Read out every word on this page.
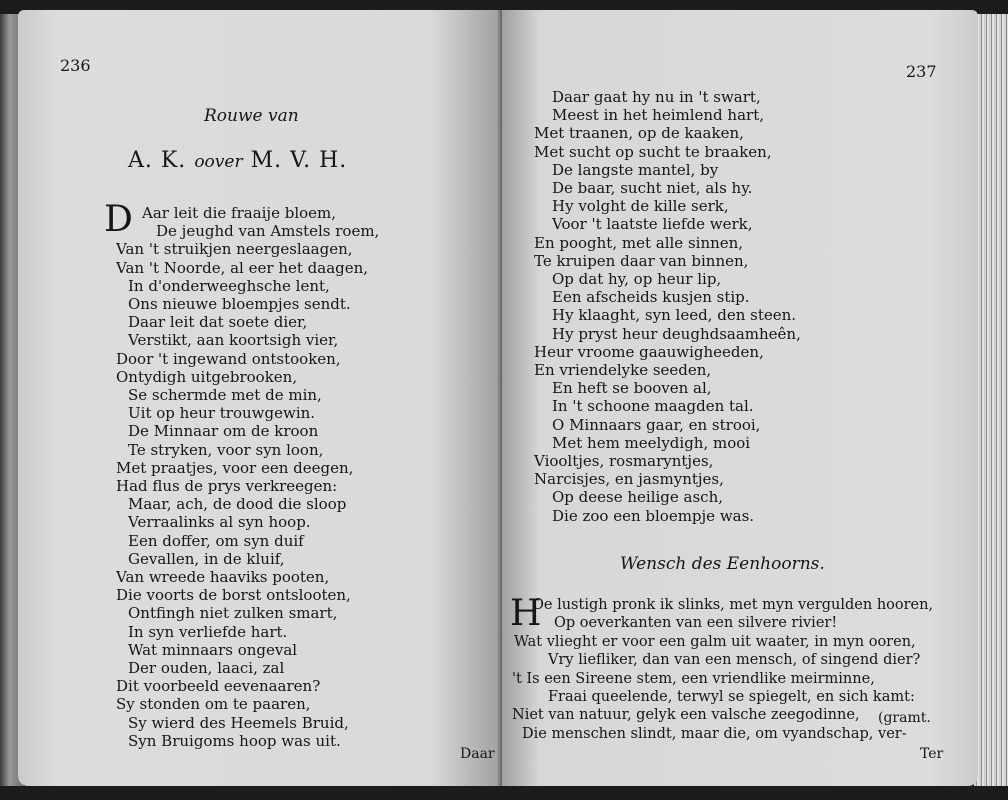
236
Rouwe van
A. K. oover M. V. H.
D Aar leit die fraaije bloem,
De jeughd van Amstels roem,
Van 't struikjen neergeslaagen,
Van 't Noorde, al eer het daagen,
In d'onderweeghsche lent,
Ons nieuwe bloempjes sendt.
Daar leit dat soete dier,
Verstikt, aan koortsigh vier,
Door 't ingewand ontstooken,
Ontydigh uitgebrooken,
Se schermde met de min,
Uit op heur trouwgewin.
De Minnaar om de kroon
Te stryken, voor syn loon,
Met praatjes, voor een deegen,
Had flus de prys verkreegen:
Maar, ach, de dood die sloop
Verraalinks al syn hoop.
Een doffer, om syn duif
Gevallen, in de kluif,
Van wreede haaviks pooten,
Die voorts de borst ontslooten,
Ontfingh niet zulken smart,
In syn verliefde hart.
Wat minnaars ongeval
Der ouden, laaci, zal
Dit voorbeeld eevenaaren?
Sy stonden om te paaren,
Sy wierd des Heemels Bruid,
Syn Bruigoms hoop was uit.
Daar
237
Daar gaat hy nu in 't swart,
Meest in het heimlend hart,
Met traanen, op de kaaken,
Met sucht op sucht te braaken,
De langste mantel, by
De baar, sucht niet, als hy.
Hy volght de kille serk,
Voor 't laatste liefde werk,
En pooght, met alle sinnen,
Te kruipen daar van binnen,
Op dat hy, op heur lip,
Een afscheids kusjen stip.
Hy klaaght, syn leed, den steen.
Hy pryst heur deughdsaamheên,
Heur vroome gaauwigheeden,
En vriendelyke seeden,
En heft se booven al,
In 't schoone maagden tal.
O Minnaars gaar, en strooi,
Met hem meelydigh, mooi
Viooltjes, rosmaryntjes,
Narcisjes, en jasmyntjes,
Op deese heilige asch,
Die zoo een bloempje was.
Wensch des Eenhoorns.
H
Oe lustigh pronk ik slinks, met myn vergulden hooren,
Op oeverkanten van een silvere rivier!
Wat vlieght er voor een galm uit waater, in myn ooren,
Vry liefliker, dan van een mensch, of singend dier?
't Is een Sireene stem, een vriendlike meirminne,
Fraai queelende, terwyl se spiegelt, en sich kamt:
Niet van natuur, gelyk een valsche zeegodinne,
Die menschen slindt, maar die, om vyandschap, ver-
(gramt.
Ter
